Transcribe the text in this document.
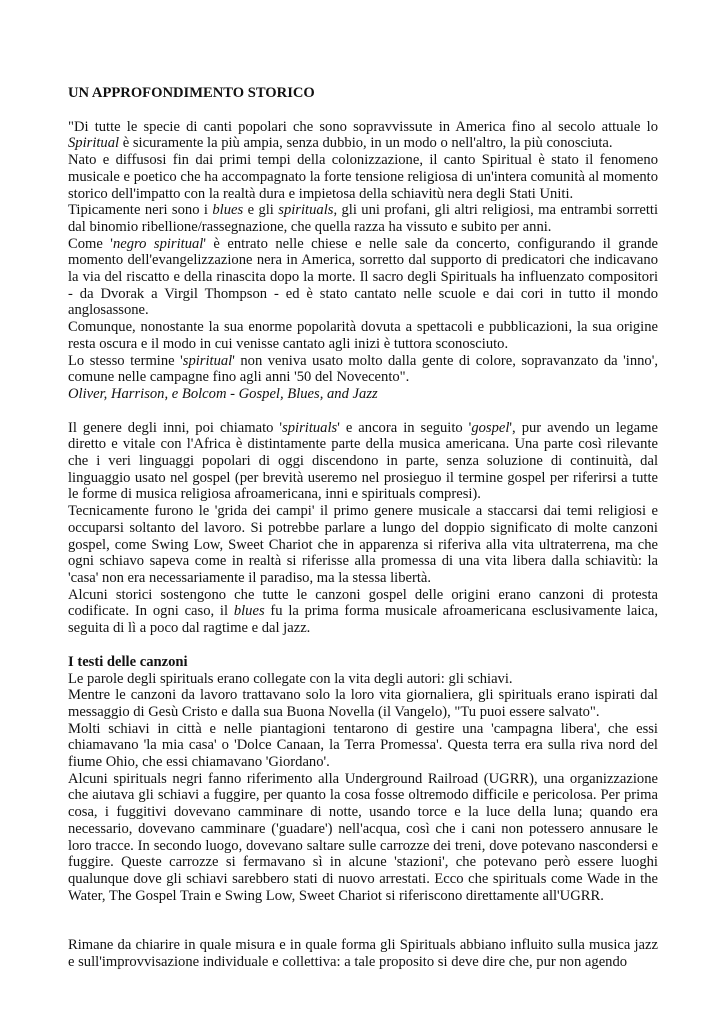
UN APPROFONDIMENTO STORICO

"Di tutte le specie di canti popolari che sono sopravvissute in America fino al secolo attuale lo Spiritual è sicuramente la più ampia, senza dubbio, in un modo o nell'altro, la più conosciuta.

Nato e diffusosi fin dai primi tempi della colonizzazione, il canto Spiritual è stato il fenomeno musicale e poetico che ha accompagnato la forte tensione religiosa di un'intera comunità al momento storico dell'impatto con la realtà dura e impietosa della schiavitù nera degli Stati Uniti.

Tipicamente neri sono i blues e gli spirituals, gli uni profani, gli altri religiosi, ma entrambi sorretti dal binomio ribellione/rassegnazione, che quella razza ha vissuto e subito per anni.

Come 'negro spiritual' è entrato nelle chiese e nelle sale da concerto, configurando il grande momento dell'evangelizzazione nera in America, sorretto dal supporto di predicatori che indicavano la via del riscatto e della rinascita dopo la morte. Il sacro degli Spirituals ha influenzato compositori - da Dvorak a Virgil Thompson - ed è stato cantato nelle scuole e dai cori in tutto il mondo anglosassone.

Comunque, nonostante la sua enorme popolarità dovuta a spettacoli e pubblicazioni, la sua origine resta oscura e il modo in cui venisse cantato agli inizi è tuttora sconosciuto.

Lo stesso termine 'spiritual' non veniva usato molto dalla gente di colore, sopravanzato da 'inno', comune nelle campagne fino agli anni '50 del Novecento".

Oliver, Harrison, e Bolcom - Gospel, Blues, and Jazz

Il genere degli inni, poi chiamato 'spirituals' e ancora in seguito 'gospel', pur avendo un legame diretto e vitale con l'Africa è distintamente parte della musica americana. Una parte così rilevante che i veri linguaggi popolari di oggi discendono in parte, senza soluzione di continuità, dal linguaggio usato nel gospel (per brevità useremo nel prosieguo il termine gospel per riferirsi a tutte le forme di musica religiosa afroamericana, inni e spirituals compresi).

Tecnicamente furono le 'grida dei campi' il primo genere musicale a staccarsi dai temi religiosi e occuparsi soltanto del lavoro. Si potrebbe parlare a lungo del doppio significato di molte canzoni gospel, come Swing Low, Sweet Chariot che in apparenza si riferiva alla vita ultraterrena, ma che ogni schiavo sapeva come in realtà si riferisse alla promessa di una vita libera dalla schiavitù: la 'casa' non era necessariamente il paradiso, ma la stessa libertà.

Alcuni storici sostengono che tutte le canzoni gospel delle origini erano canzoni di protesta codificate. In ogni caso, il blues fu la prima forma musicale afroamericana esclusivamente laica, seguita di lì a poco dal ragtime e dal jazz.

I testi delle canzoni

Le parole degli spirituals erano collegate con la vita degli autori: gli schiavi.

Mentre le canzoni da lavoro trattavano solo la loro vita giornaliera, gli spirituals erano ispirati dal messaggio di Gesù Cristo e dalla sua Buona Novella (il Vangelo), "Tu puoi essere salvato".

Molti schiavi in città e nelle piantagioni tentarono di gestire una 'campagna libera', che essi chiamavano 'la mia casa' o 'Dolce Canaan, la Terra Promessa'. Questa terra era sulla riva nord del fiume Ohio, che essi chiamavano 'Giordano'.

Alcuni spirituals negri fanno riferimento alla Underground Railroad (UGRR), una organizzazione che aiutava gli schiavi a fuggire, per quanto la cosa fosse oltremodo difficile e pericolosa. Per prima cosa, i fuggitivi dovevano camminare di notte, usando torce e la luce della luna; quando era necessario, dovevano camminare ('guadare') nell'acqua, così che i cani non potessero annusare le loro tracce. In secondo luogo, dovevano saltare sulle carrozze dei treni, dove potevano nascondersi e fuggire. Queste carrozze si fermavano sì in alcune 'stazioni', che potevano però essere luoghi qualunque dove gli schiavi sarebbero stati di nuovo arrestati. Ecco che spirituals come Wade in the Water, The Gospel Train e Swing Low, Sweet Chariot si riferiscono direttamente all'UGRR.

Rimane da chiarire in quale misura e in quale forma gli Spirituals abbiano influito sulla musica jazz e sull'improvvisazione individuale e collettiva: a tale proposito si deve dire che, pur non agendo
